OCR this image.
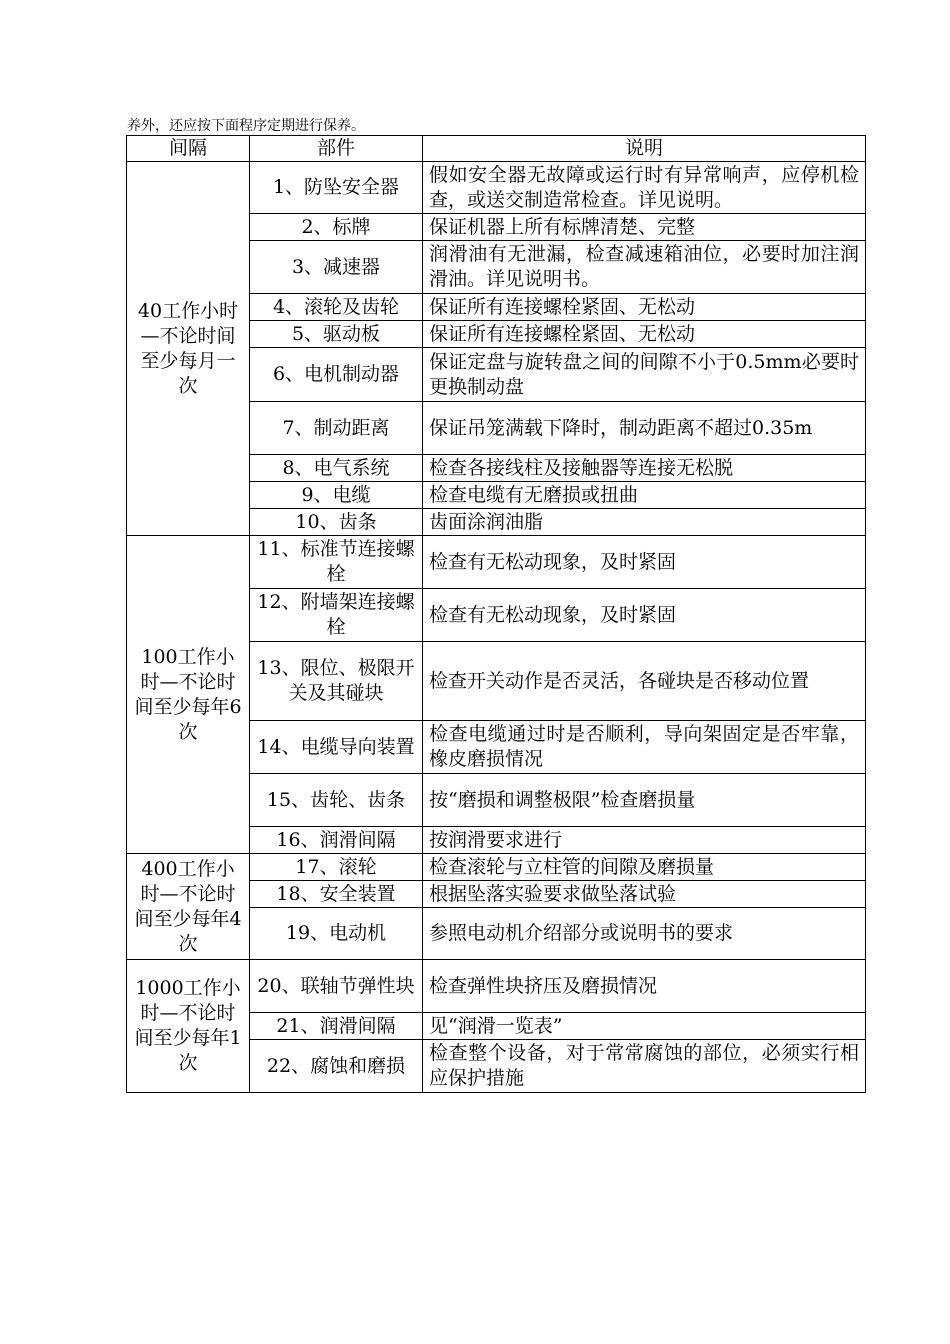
养外，还应按下面程序定期进行保养。
间隔	部件	说明
40工作小时—不论时间至少每月一次	1、防坠安全器	假如安全器无故障或运行时有异常响声，应停机检查，或送交制造常检查。详见说明。
	2、标牌	保证机器上所有标牌清楚、完整
	3、减速器	润滑油有无泄漏，检查减速箱油位，必要时加注润滑油。详见说明书。
	4、滚轮及齿轮	保证所有连接螺栓紧固、无松动
	5、驱动板	保证所有连接螺栓紧固、无松动
	6、电机制动器	保证定盘与旋转盘之间的间隙不小于0.5mm必要时更换制动盘
	7、制动距离	保证吊笼满载下降时，制动距离不超过0.35m
	8、电气系统	检查各接线柱及接触器等连接无松脱
	9、电缆	检查电缆有无磨损或扭曲
	10、齿条	齿面涂润油脂
100工作小时—不论时间至少每年6次	11、标准节连接螺栓	检查有无松动现象，及时紧固
	12、附墙架连接螺栓	检查有无松动现象，及时紧固
	13、限位、极限开关及其碰块	检查开关动作是否灵活，各碰块是否移动位置
	14、电缆导向装置	检查电缆通过时是否顺利，导向架固定是否牢靠，橡皮磨损情况
	15、齿轮、齿条	按“磨损和调整极限”检查磨损量
	16、润滑间隔	按润滑要求进行
400工作小时—不论时间至少每年4次	17、滚轮	检查滚轮与立柱管的间隙及磨损量
	18、安全装置	根据坠落实验要求做坠落试验
	19、电动机	参照电动机介绍部分或说明书的要求
1000工作小时—不论时间至少每年1次	20、联轴节弹性块	检查弹性块挤压及磨损情况
	21、润滑间隔	见“润滑一览表”
	22、腐蚀和磨损	检查整个设备，对于常常腐蚀的部位，必须实行相应保护措施
